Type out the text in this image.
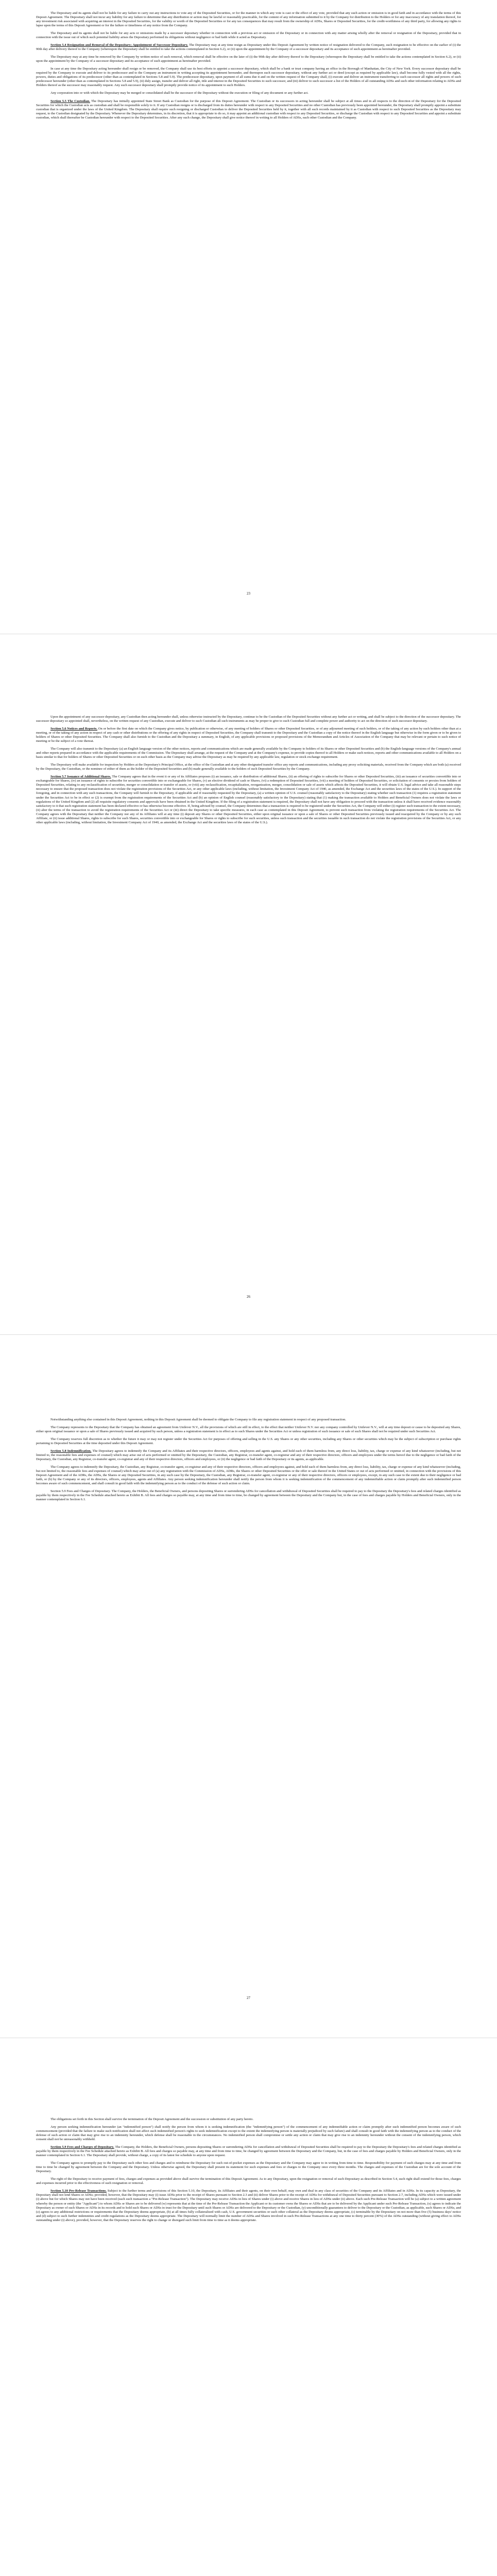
The Depositary and its agents shall not be liable for any failure to carry out any instructions to vote any of the Deposited Securities, or for the manner in which any vote is cast or the effect of any vote, provided that any such action or omission is in good faith and in accordance with the terms of this Deposit Agreement. The Depositary shall not incur any liability for any failure to determine that any distribution or action may be lawful or reasonably practicable, for the content of any information submitted to it by the Company for distribution to the Holders or for any inaccuracy of any translation thereof, for any investment risk associated with acquiring an interest in the Deposited Securities, for the validity or worth of the Deposited Securities or for any tax consequences that may result from the ownership of ADSs, Shares or Deposited Securities, for the credit-worthiness of any third party, for allowing any rights to lapse upon the terms of this Deposit Agreement or for the failure or timeliness of any notice from the Company.

The Depositary and its agents shall not be liable for any acts or omissions made by a successor depositary whether in connection with a previous act or omission of the Depositary or in connection with any matter arising wholly after the removal or resignation of the Depositary, provided that in connection with the issue out of which such potential liability arises the Depositary performed its obligations without negligence or bad faith while it acted as Depositary.

Section 5.4 Resignation and Removal of the Depositary; Appointment of Successor Depositary. The Depositary may at any time resign as Depositary under this Deposit Agreement by written notice of resignation delivered to the Company, such resignation to be effective on the earlier of (i) the 90th day after delivery thereof to the Company (whereupon the Depositary shall be entitled to take the actions contemplated in Section 6.2), or (ii) upon the appointment by the Company of a successor depositary and its acceptance of such appointment as hereinafter provided.

The Depositary may at any time be removed by the Company by written notice of such removal, which removal shall be effective on the later of (i) the 90th day after delivery thereof to the Depositary (whereupon the Depositary shall be entitled to take the actions contemplated in Section 6.2), or (ii) upon the appointment by the Company of a successor depositary and its acceptance of such appointment as hereinafter provided.

In case at any time the Depositary acting hereunder shall resign or be removed, the Company shall use its best efforts to appoint a successor depositary, which shall be a bank or trust company having an office in the Borough of Manhattan, the City of New York. Every successor depositary shall be required by the Company to execute and deliver to its predecessor and to the Company an instrument in writing accepting its appointment hereunder, and thereupon such successor depositary, without any further act or deed (except as required by applicable law), shall become fully vested with all the rights, powers, duties and obligations of its predecessor (other than as contemplated in Sections 5.8 and 5.9). The predecessor depositary, upon payment of all sums due it and on the written request of the Company shall, (i) execute and deliver an instrument transferring to such successor all rights and powers of such predecessor hereunder (other than as contemplated in Sections 5.8 and 5.9), (ii) duly assign, transfer and deliver all right, title and interest in the Deposited Securities to such successor, and (iii) deliver to such successor a list of the Holders of all outstanding ADSs and such other information relating to ADSs and Holders thereof as the successor may reasonably request. Any such successor depositary shall promptly provide notice of its appointment to such Holders.

Any corporation into or with which the Depositary may be merged or consolidated shall be the successor of the Depositary without the execution or filing of any document or any further act.

Section 5.5 The Custodian. The Depositary has initially appointed State Street Bank as Custodian for the purpose of this Deposit Agreement. The Custodian or its successors in acting hereunder shall be subject at all times and in all respects to the direction of the Depositary for the Deposited Securities for which the Custodian acts as custodian and shall be responsible solely to it. If any Custodian resigns or is discharged from its duties hereunder with respect to any Deposited Securities and no other Custodian has previously been appointed hereunder, the Depositary shall promptly appoint a substitute custodian that is organized under the laws of the United Kingdom. The Depositary shall require such resigning or discharged Custodian to deliver the Deposited Securities held by it, together with all such records maintained by it as Custodian with respect to such Deposited Securities as the Depositary may request, to the Custodian designated by the Depositary. Whenever the Depositary determines, in its discretion, that it is appropriate to do so, it may appoint an additional custodian with respect to any Deposited Securities, or discharge the Custodian with respect to any Deposited Securities and appoint a substitute custodian, which shall thereafter be Custodian hereunder with respect to the Deposited Securities. After any such change, the Depositary shall give notice thereof in writing to all Holders of ADSs, each other Custodian and the Company.

23

Upon the appointment of any successor depositary, any Custodian then acting hereunder shall, unless otherwise instructed by the Depositary, continue to be the Custodian of the Deposited Securities without any further act or writing, and shall be subject to the direction of the successor depositary. The successor depositary so appointed shall, nevertheless, on the written request of any Custodian, execute and deliver to such Custodian all such instruments as may be proper to give to such Custodian full and complete power and authority to act on the direction of such successor depositary.

Section 5.6 Notices and Reports. On or before the first date on which the Company gives notice, by publication or otherwise, of any meeting of holders of Shares or other Deposited Securities, or of any adjourned meeting of such holders, or of the taking of any action by such holders other than at a meeting, or of the taking of any action in respect of any cash or other distributions or the offering of any rights in respect of Deposited Securities, the Company shall transmit to the Depositary and the Custodian a copy of the notice thereof in the English language but otherwise in the form given or to be given to holders of Shares or other Deposited Securities. The Company shall also furnish to the Custodian and the Depositary a summary, in English, of any applicable provisions or proposed provisions of the Memorandum and Articles of Association of the Company that may be relevant or pertain to such notice of meeting or be the subject of a vote thereat.

The Company will also transmit to the Depositary (a) an English language version of the other notices, reports and communications which are made generally available by the Company to holders of its Shares or other Deposited Securities and (b) the English-language versions of the Company's annual and other reports prepared in accordance with the applicable requirements of the Commission. The Depositary shall arrange, at the request of the Company and at the Company's expense, to provide copies thereof to all Holders or make such notices, reports and other communications available to all Holders on a basis similar to that for holders of Shares or other Deposited Securities or on such other basis as the Company may advise the Depositary as may be required by any applicable law, regulation or stock exchange requirement.

The Depositary will make available for inspection by Holders at the Depositary's Principal Office, at the office of the Custodian and at any other designated transfer office any reports and communications, including any proxy soliciting materials, received from the Company which are both (a) received by the Depositary, the Custodian, or the nominee of either of them as the holder of the Deposited Securities and (b) made generally available to the holders of such Deposited Securities by the Company.

Section 5.7 Issuance of Additional Shares. The Company agrees that in the event it or any of its Affiliates proposes (i) an issuance, sale or distribution of additional Shares, (ii) an offering of rights to subscribe for Shares or other Deposited Securities, (iii) an issuance of securities convertible into or exchangeable for Shares, (iv) an issuance of rights to subscribe for securities convertible into or exchangeable for Shares, (v) an elective dividend of cash or Shares, (vi) a redemption of Deposited Securities, (vii) a meeting of holders of Deposited Securities, or solicitation of consents or proxies from holders of Deposited Securities, relating to any reclassification of securities, merger or consolidation or transfer of assets, or (viii) any reclassification, recapitalization, reorganization, merger, consolidation or sale of assets which affects the Deposited Securities, it will obtain U.S. legal advice and take all reasonable steps necessary to ensure that the proposed transaction does not violate the registration provisions of the Securities Act, or any other applicable laws (including, without limitation, the Investment Company Act of 1940, as amended, the Exchange Act and the securities laws of the states of the U.S.). In support of the foregoing, and in connection with any such transactions, the Company will furnish to the Depositary, if applicable and if reasonably requested by the Depositary, (a) a written opinion of U.S. counsel (reasonably satisfactory to the Depositary) stating whether such transaction (1) requires a registration statement under the Securities Act to be in effect or (2) is exempt from the registration requirements of the Securities Act and (b) an opinion of English counsel (reasonably satisfactory to the Depositary) stating that (1) making the transaction available to Holders and Beneficial Owners does not violate the laws or regulations of the United Kingdom and (2) all requisite regulatory consents and approvals have been obtained in the United Kingdom. If the filing of a registration statement is required, the Depositary shall not have any obligation to proceed with the transaction unless it shall have received evidence reasonably satisfactory to it that such registration statement has been declared effective or has otherwise become effective. If, being advised by counsel, the Company determines that a transaction is required to be registered under the Securities Act, the Company will either (i) register such transaction to the extent necessary, (ii) alter the terms of the transaction to avoid the registration requirements of the Securities Act or (iii) direct the Depositary to take specific measures, in each case as contemplated in this Deposit Agreement, to prevent such transaction from violating the registration requirements of the Securities Act. The Company agrees with the Depositary that neither the Company nor any of its Affiliates will at any time (i) deposit any Shares or other Deposited Securities, either upon original issuance or upon a sale of Shares or other Deposited Securities previously issued and reacquired by the Company or by any such Affiliate, or (ii) issue additional Shares, rights to subscribe for such Shares, securities convertible into or exchangeable for Shares or rights to subscribe for such securities, unless such transaction and the securities issuable in such transaction do not violate the registration provisions of the Securities Act, or any other applicable laws (including, without limitation, the Investment Company Act of 1940, as amended, the Exchange Act and the securities laws of the states of the U.S.).

26

Notwithstanding anything else contained in this Deposit Agreement, nothing in this Deposit Agreement shall be deemed to obligate the Company to file any registration statement in respect of any proposed transaction.

The Company represents to the Depositary that the Company has obtained an agreement from Unilever N.V., all the provisions of which are still in effect, to the effect that neither Unilever N.V. nor any company controlled by Unilever N.V., will at any time deposit or cause to be deposited any Shares, either upon original issuance or upon a sale of Shares previously issued and acquired by such person, unless a registration statement is in effect as to such Shares under the Securities Act or unless registration of such issuance or sale of such Shares shall not be required under such Securities Act.

The Company reserves full discretion as to whether the future it may or may not register under the Securities Act for purposes of offering and selling in the U.S. any Shares or any other securities, including any Shares or other securities which may be the subject of subscription or purchase rights pertaining to Deposited Securities at the time deposited under this Deposit Agreement.

Section 5.8 Indemnification. The Depositary agrees to indemnify the Company and its Affiliates and their respective directors, officers, employees and agents against, and hold each of them harmless from, any direct loss, liability, tax, charge or expense of any kind whatsoever (including, but not limited to, the reasonable fees and expenses of counsel) which may arise out of acts performed or omitted by the Depositary, the Custodian, any Registrar, co-transfer agent, co-registrar and any of their respective directors, officers and employees under the terms hereof due to the negligence or bad faith of the Depositary, the Custodian, any Registrar, co-transfer agent, co-registrar and any of their respective directors, officers and employees, or (ii) the negligence or bad faith of the Depositary or its agents, as applicable.

The Company agrees to indemnify the Depositary, the Custodian, any Registrar, co-transfer agent, co-registrar and any of their respective directors, officers and employees against, and hold each of them harmless from, any direct loss, liability, tax, charge or expense of any kind whatsoever (including, but not limited to, the reasonable fees and expenses of counsel) which may arise out of (a) any registration with the Commission of ADSs, ADRs, the Shares or other Deposited Securities or the offer or sale thereof in the United States or out of acts performed or omitted, in connection with the provisions of this Deposit Agreement and of the ADRs, the ADSs, the Shares or any Deposited Securities, in any such case by the Depositary, the Custodian, any Registrar, co-transfer agent, co-registrar or any of their respective directors, officers or employees, except, in any such case to the extent due to their negligence or bad faith, or (b) by the Company or any of its directors, officers, employees, agents and Affiliates. Any person seeking indemnification hereunder shall notify the person from whom it is seeking indemnification of the commencement of any indemnifiable action or claim promptly after such indemnified person becomes aware of such commencement, and shall consult in good faith with the indemnifying person as to the conduct of the defense of such action or claim.

Section 5.9 Fees and Charges of Depositary. The Company, the Holders, the Beneficial Owners, and persons depositing Shares or surrendering ADSs for cancellation and withdrawal of Deposited Securities shall be required to pay to the Depositary the Depositary's fees and related charges identified as payable by them respectively in the Fee Schedule attached hereto as Exhibit B. All fees and charges so payable may, at any time and from time to time, be changed by agreement between the Depositary and the Company but, in the case of fees and charges payable by Holders and Beneficial Owners, only in the manner contemplated in Section 6.1.

27

The obligations set forth in this Section shall survive the termination of the Deposit Agreement and the succession or substitution of any party hereto.

Any person seeking indemnification hereunder (an "indemnified person") shall notify the person from whom it is seeking indemnification (the "indemnifying person") of the commencement of any indemnifiable action or claim promptly after such indemnified person becomes aware of such commencement (provided that the failure to make such notification shall not affect such indemnified person's rights to seek indemnification except to the extent the indemnifying person is materially prejudiced by such failure) and shall consult in good faith with the indemnifying person as to the conduct of the defense of such action or claim that may give rise to an indemnity hereunder, which defense shall be reasonable in the circumstances. No indemnified person shall compromise or settle any action or claim that may give rise to an indemnity hereunder without the consent of the indemnifying person, which consent shall not be unreasonably withheld.

Section 5.9 Fees and Charges of Depositary. The Company, the Holders, the Beneficial Owners, persons depositing Shares or surrendering ADSs for cancellation and withdrawal of Deposited Securities shall be required to pay to the Depositary the Depositary's fees and related charges identified as payable by them respectively in the Fee Schedule attached hereto as Exhibit B. All fees and charges so payable may, at any time and from time to time, be changed by agreement between the Depositary and the Company, but, in the case of fees and charges payable by Holders and Beneficial Owners, only in the manner contemplated in Section 6.1. The Depositary shall provide, without charge, a copy of its latest fee schedule to anyone upon request.

The Company agrees to promptly pay to the Depositary such other fees and charges and to reimburse the Depositary for such out-of-pocket expenses as the Depositary and the Company may agree to in writing from time to time. Responsibility for payment of such charges may at any time and from time to time be changed by agreement between the Company and the Depositary. Unless otherwise agreed, the Depositary shall present its statement for such expenses and fees or charges to the Company once every three months. The charges and expenses of the Custodian are for the sole account of the Depositary.

The right of the Depositary to receive payment of fees, charges and expenses as provided above shall survive the termination of this Deposit Agreement. As to any Depositary, upon the resignation or removal of such Depositary as described in Section 5.4, such right shall extend for those fees, charges and expenses incurred prior to the effectiveness of such resignation or removal.

Section 5.10 Pre-Release Transactions. Subject to the further terms and provisions of this Section 5.10, the Depositary, its Affiliates and their agents, on their own behalf, may own and deal in any class of securities of the Company and its Affiliates and in ADSs. In its capacity as Depositary, the Depositary shall not lend Shares or ADSs; provided, however, that the Depositary may (i) issue ADSs prior to the receipt of Shares pursuant to Section 2.3 and (ii) deliver Shares prior to the receipt of ADSs for withdrawal of Deposited Securities pursuant to Section 2.7, including ADSs which were issued under (i) above but for which Shares may not have been received (each such transaction a "Pre-Release Transaction"). The Depositary may receive ADSs in lieu of Shares under (i) above and receive Shares in lieu of ADSs under (ii) above. Each such Pre-Release Transaction will be (a) subject to a written agreement whereby the person or entity (the "Applicant") to whom ADSs or Shares are to be delivered (w) represents that at the time of the Pre-Release Transaction the Applicant or its customer owns the Shares or ADSs that are to be delivered by the Applicant under such Pre-Release Transaction, (x) agrees to indicate the Depositary as owner of such Shares or ADSs in its records and to hold such Shares or ADSs in trust for the Depositary until such Shares or ADSs are delivered to the Depositary or the Custodian, (y) unconditionally guarantees to deliver to the Depositary or the Custodian, as applicable, such Shares or ADSs, and (z) agrees to any additional restrictions or requirements that the Depositary deems appropriate, (b) at all times fully collateralized with cash, U.S. government securities or such other collateral as the Depositary deems appropriate, (c) terminable by the Depositary on not more than five (5) business days' notice and (d) subject to such further indemnities and credit regulations as the Depositary deems appropriate. The Depositary will normally limit the number of ADSs and Shares involved in such Pre-Release Transactions at any one time to thirty percent (30%) of the ADSs outstanding (without giving effect to ADSs outstanding under (i) above), provided, however, that the Depositary reserves the right to change or disregard such limit from time to time as it deems appropriate.
